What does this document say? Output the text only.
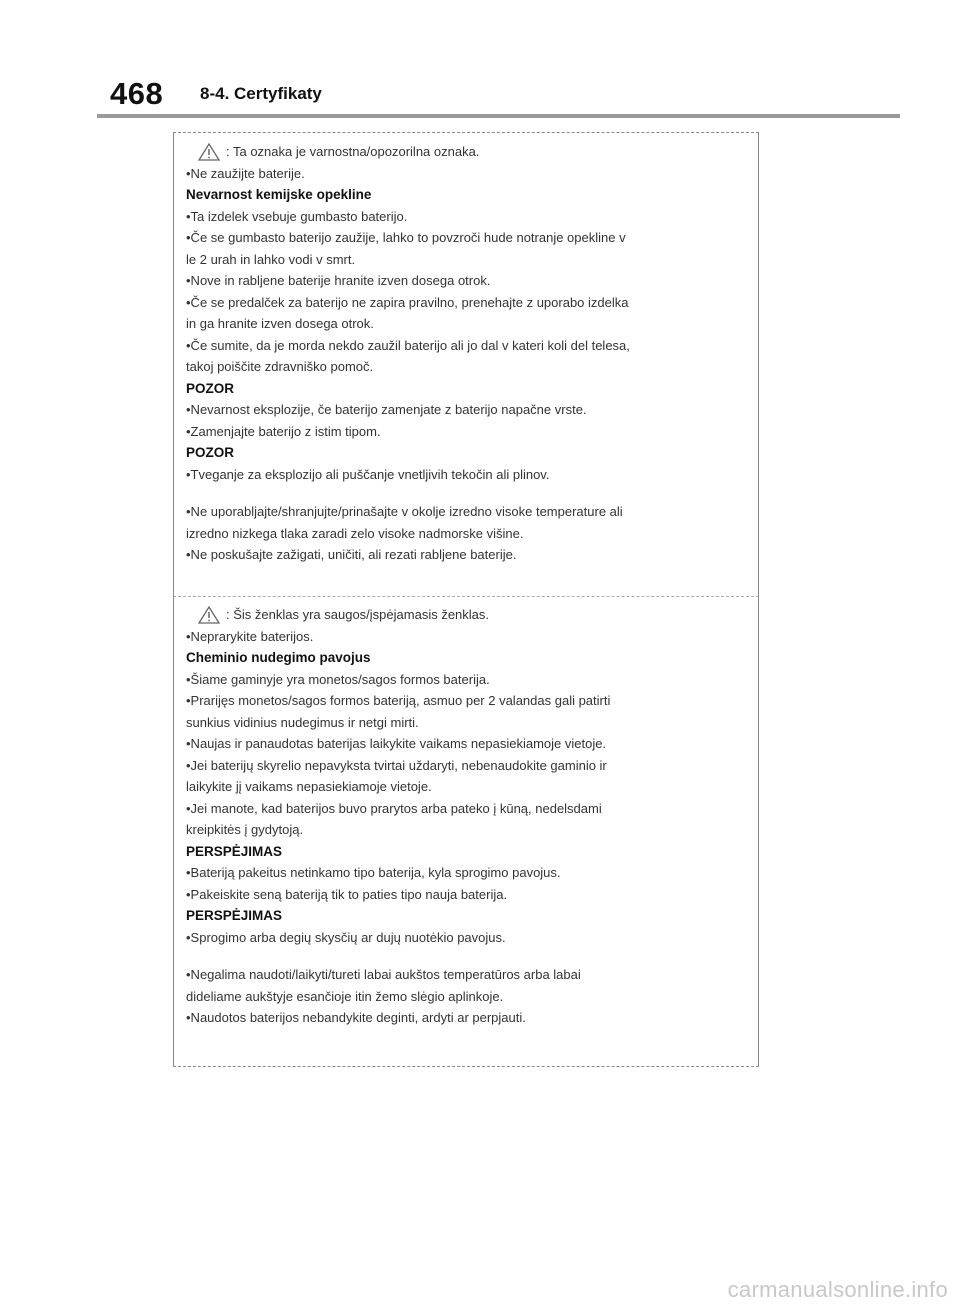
468 8-4. Certyfikaty
: Ta oznaka je varnostna/opozorilna oznaka.
•Ne zaužijte baterije.
Nevarnost kemijske opekline
•Ta izdelek vsebuje gumbasto baterijo.
•Če se gumbasto baterijo zaužije, lahko to povzroči hude notranje opekline v
le 2 urah in lahko vodi v smrt.
•Nove in rabljene baterije hranite izven dosega otrok.
•Če se predalček za baterijo ne zapira pravilno, prenehajte z uporabo izdelka
in ga hranite izven dosega otrok.
•Če sumite, da je morda nekdo zaužil baterijo ali jo dal v kateri koli del telesa,
takoj poiščite zdravniško pomoč.
POZOR
•Nevarnost eksplozije, če baterijo zamenjate z baterijo napačne vrste.
•Zamenjajte baterijo z istim tipom.
POZOR
•Tveganje za eksplozijo ali puščanje vnetljivih tekočin ali plinov.
•Ne uporabljajte/shranjujte/prinašajte v okolje izredno visoke temperature ali
izredno nizkega tlaka zaradi zelo visoke nadmorske višine.
•Ne poskušajte zažigati, uničiti, ali rezati rabljene baterije.
: Šis ženklas yra saugos/įspėjamasis ženklas.
•Neprarykite baterijos.
Cheminio nudegimo pavojus
•Šiame gaminyje yra monetos/sagos formos baterija.
•Prarijęs monetos/sagos formos bateriją, asmuo per 2 valandas gali patirti
sunkius vidinius nudegimus ir netgi mirti.
•Naujas ir panaudotas baterijas laikykite vaikams nepasiekiamoje vietoje.
•Jei baterijų skyrelio nepavyksta tvirtai uždaryti, nebenaudokite gaminio ir
laikykite jį vaikams nepasiekiamoje vietoje.
•Jei manote, kad baterijos buvo prarytos arba pateko į kūną, nedelsdami
kreipkitės į gydytoją.
PERSPĖJIMAS
•Bateriją pakeitus netinkamo tipo baterija, kyla sprogimo pavojus.
•Pakeiskite seną bateriją tik to paties tipo nauja baterija.
PERSPĖJIMAS
•Sprogimo arba degių skysčių ar dujų nuotėkio pavojus.
•Negalima naudoti/laikyti/tureti labai aukštos temperatūros arba labai
dideliame aukštyje esančioje itin žemo slėgio aplinkoje.
•Naudotos baterijos nebandykite deginti, ardyti ar perpjauti.
carmanualsonline.info
